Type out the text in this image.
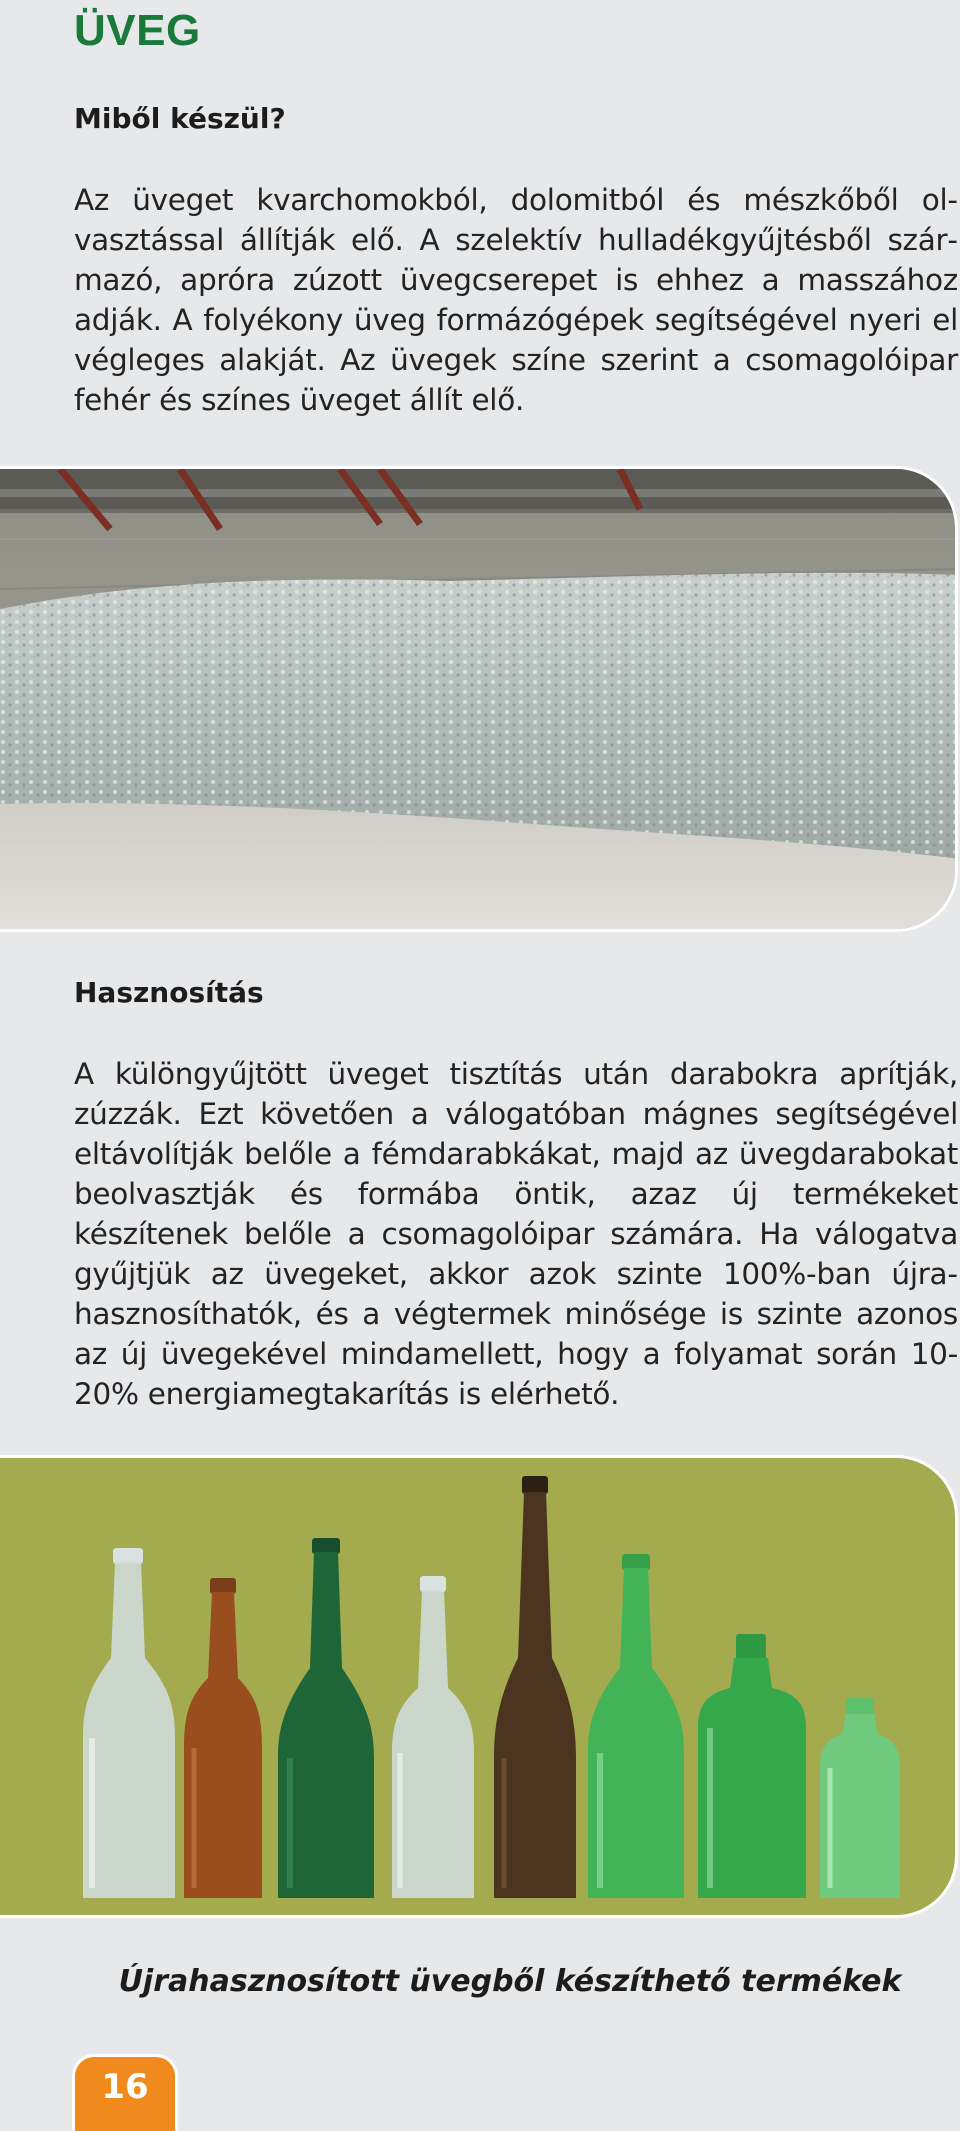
ÜVEG
Miből készül?

Az üveget kvarchomokból, dolomitból és mészkőből olvasztással állítják elő. A szelektív hulladékgyűjtésből származó, apróra zúzott üvegcserepet is ehhez a masszához adják. A folyékony üveg formázógépek segítségével nyeri el végleges alakját. Az üvegek színe szerint a csomagolóipar fehér és színes üveget állít elő.

Hasznosítás

A különgyűjtött üveget tisztítás után darabokra aprítják, zúzzák. Ezt követően a válogatóban mágnes segítségével eltávolítják belőle a fémdarabkákat, majd az üvegdarabokat beolvasztják és formába öntik, azaz új termékeket készítenek belőle a csomagolóipar számára. Ha válogatva gyűjtjük az üvegeket, akkor azok szinte 100%-ban újrahasznosíthatók, és a végtermek minősége is szinte azonos az új üvegekével mindamellett, hogy a folyamat során 10-20% energiamegtakarítás is elérhető.

Újrahasznosított üvegből készíthető termékek
16
